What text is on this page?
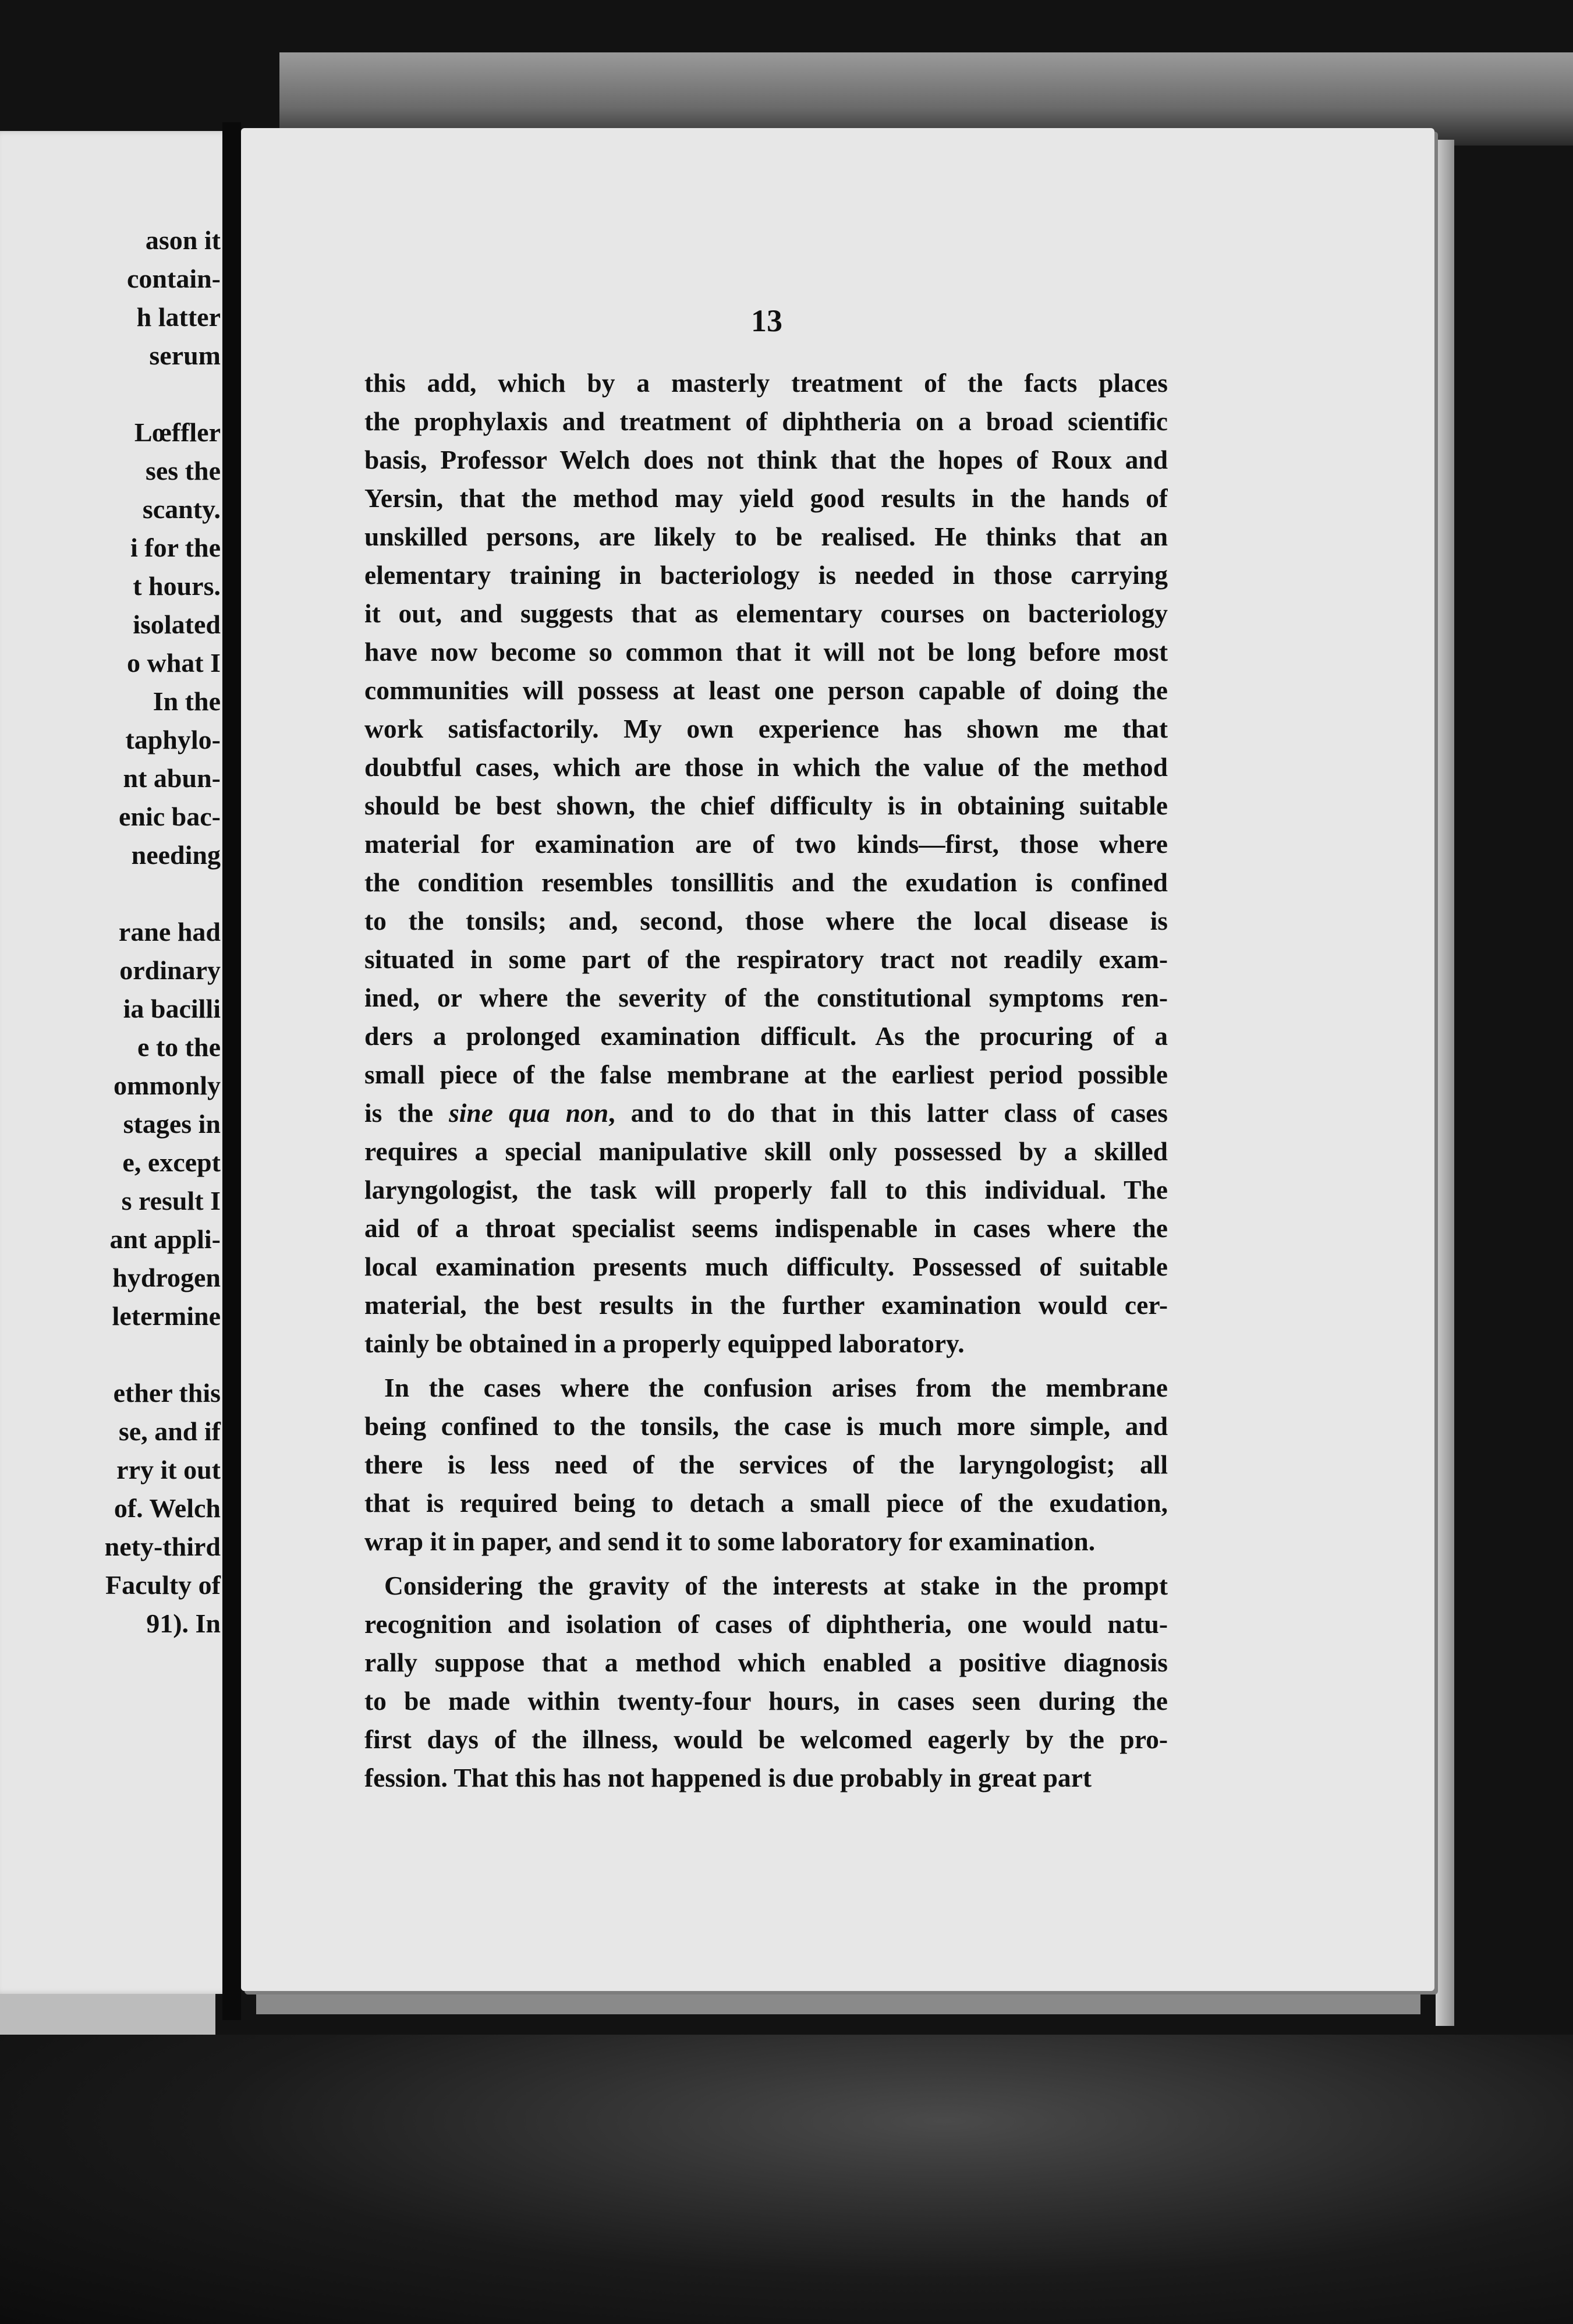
ason it
contain-
h latter
serum
Lœffler
ses the
scanty.
i for the
t hours.
isolated
o what I
In the
taphylo-
nt abun-
enic bac-
needing
rane had
ordinary
ia bacilli
e to the
ommonly
stages in
e, except
s result I
ant appli-
hydrogen
letermine
ether this
se, and if
rry it out
of. Welch
nety-third
Faculty of
91). In
13
this add, which by a masterly treatment of the facts places
the prophylaxis and treatment of diphtheria on a broad scientific
basis, Professor Welch does not think that the hopes of Roux and
Yersin, that the method may yield good results in the hands of
unskilled persons, are likely to be realised. He thinks that an
elementary training in bacteriology is needed in those carrying
it out, and suggests that as elementary courses on bacteriology
have now become so common that it will not be long before most
communities will possess at least one person capable of doing the
work satisfactorily. My own experience has shown me that
doubtful cases, which are those in which the value of the method
should be best shown, the chief difficulty is in obtaining suitable
material for examination are of two kinds—first, those where
the condition resembles tonsillitis and the exudation is confined
to the tonsils; and, second, those where the local disease is
situated in some part of the respiratory tract not readily exam-
ined, or where the severity of the constitutional symptoms ren-
ders a prolonged examination difficult. As the procuring of a
small piece of the false membrane at the earliest period possible
is the sine qua non, and to do that in this latter class of cases
requires a special manipulative skill only possessed by a skilled
laryngologist, the task will properly fall to this individual. The
aid of a throat specialist seems indispenable in cases where the
local examination presents much difficulty. Possessed of suitable
material, the best results in the further examination would cer-
tainly be obtained in a properly equipped laboratory.
In the cases where the confusion arises from the membrane
being confined to the tonsils, the case is much more simple, and
there is less need of the services of the laryngologist; all
that is required being to detach a small piece of the exudation,
wrap it in paper, and send it to some laboratory for examination.
Considering the gravity of the interests at stake in the prompt
recognition and isolation of cases of diphtheria, one would natu-
rally suppose that a method which enabled a positive diagnosis
to be made within twenty-four hours, in cases seen during the
first days of the illness, would be welcomed eagerly by the pro-
fession. That this has not happened is due probably in great part
